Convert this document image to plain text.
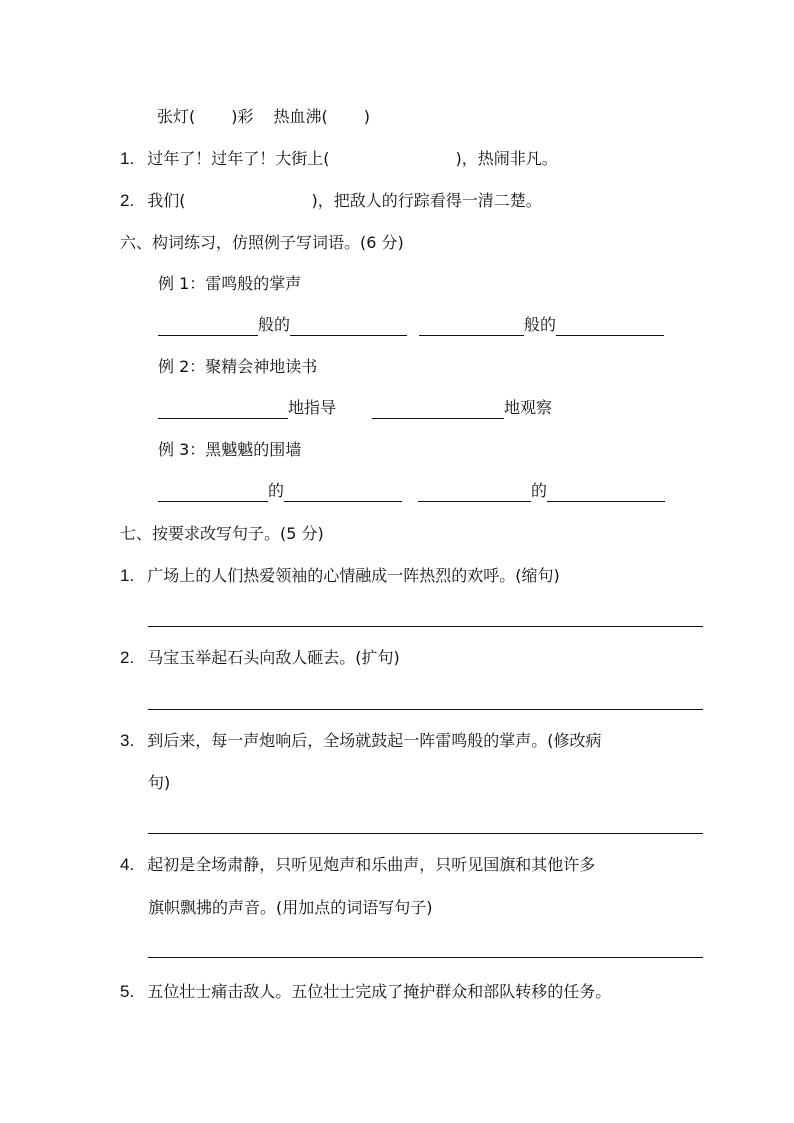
张灯( )彩 热血沸( )
1. 过年了！过年了！大街上(	)，热闹非凡。
2. 我们(	)，把敌人的行踪看得一清二楚。
六、构词练习，仿照例子写词语。(6 分)
例 1：雷鸣般的掌声
般的	般的
例 2：聚精会神地读书
地指导	地观察
例 3：黑魆魆的围墙
的	的
七、按要求改写句子。(5 分)
1. 广场上的人们热爱领袖的心情融成一阵热烈的欢呼。(缩句)
2. 马宝玉举起石头向敌人砸去。(扩句)
3. 到后来，每一声炮响后，全场就鼓起一阵雷鸣般的掌声。(修改病
句)
4. 起初是全场肃静，只听见炮声和乐曲声，只听见国旗和其他许多
旗帜飘拂的声音。(用加点的词语写句子)
5. 五位壮士痛击敌人。五位壮士完成了掩护群众和部队转移的任务。
